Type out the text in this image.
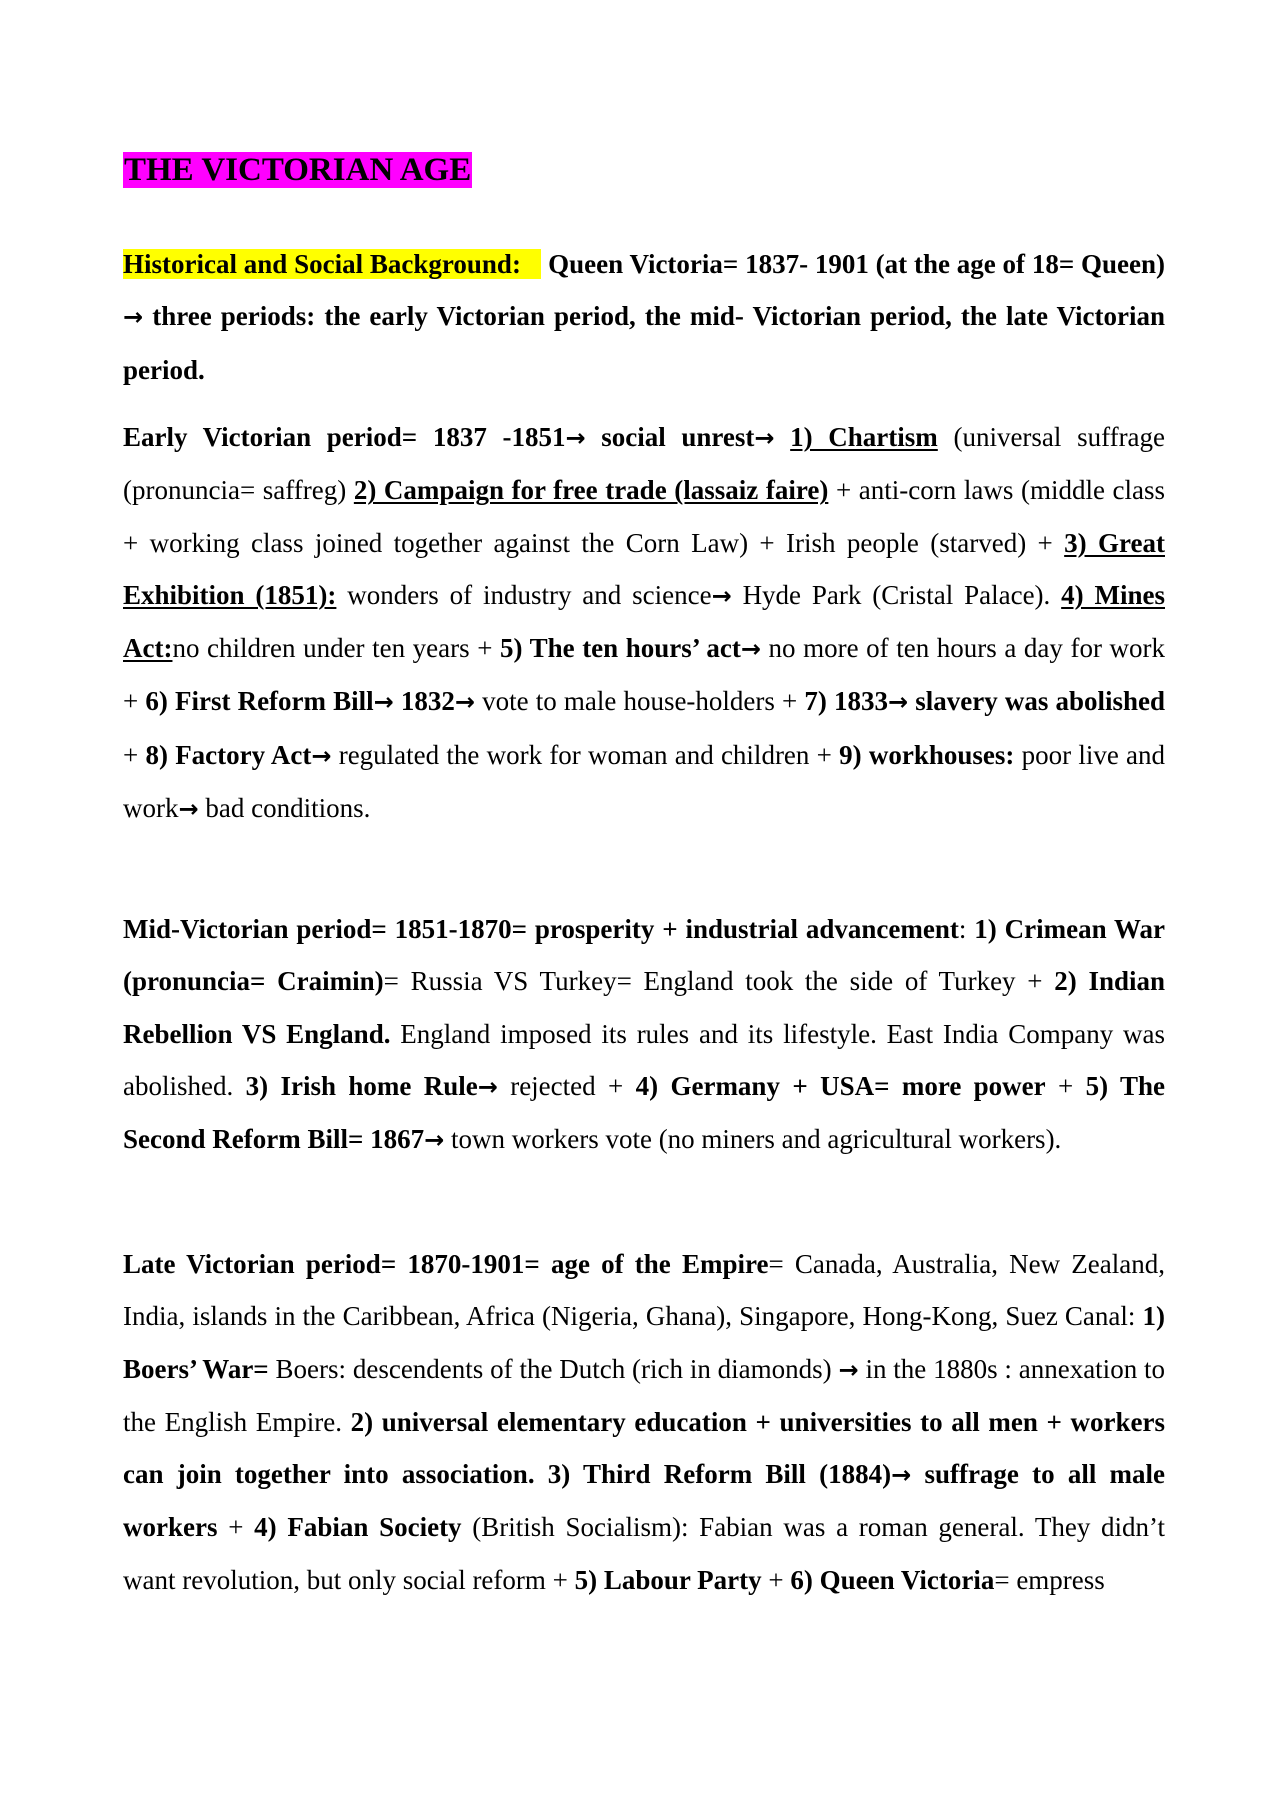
THE VICTORIAN AGE

Historical and Social Background: Queen Victoria= 1837- 1901 (at the age of 18= Queen) → three periods: the early Victorian period, the mid- Victorian period, the late Victorian period.

Early Victorian period= 1837 -1851→ social unrest→ 1) Chartism (universal suffrage (pronuncia= saffreg) 2) Campaign for free trade (lassaiz faire) + anti-corn laws (middle class + working class joined together against the Corn Law) + Irish people (starved) + 3) Great Exhibition (1851): wonders of industry and science→ Hyde Park (Cristal Palace). 4) Mines Act:no children under ten years + 5) The ten hours’ act→ no more of ten hours a day for work + 6) First Reform Bill→ 1832→ vote to male house-holders + 7) 1833→ slavery was abolished + 8) Factory Act→ regulated the work for woman and children + 9) workhouses: poor live and work→ bad conditions.

Mid-Victorian period= 1851-1870= prosperity + industrial advancement: 1) Crimean War (pronuncia= Craimin)= Russia VS Turkey= England took the side of Turkey + 2) Indian Rebellion VS England. England imposed its rules and its lifestyle. East India Company was abolished. 3) Irish home Rule→ rejected + 4) Germany + USA= more power + 5) The Second Reform Bill= 1867→ town workers vote (no miners and agricultural workers).

Late Victorian period= 1870-1901= age of the Empire= Canada, Australia, New Zealand, India, islands in the Caribbean, Africa (Nigeria, Ghana), Singapore, Hong-Kong, Suez Canal: 1) Boers’ War= Boers: descendents of the Dutch (rich in diamonds) → in the 1880s : annexation to the English Empire. 2) universal elementary education + universities to all men + workers can join together into association. 3) Third Reform Bill (1884)→ suffrage to all male workers + 4) Fabian Society (British Socialism): Fabian was a roman general. They didn’t want revolution, but only social reform + 5) Labour Party + 6) Queen Victoria= empress
